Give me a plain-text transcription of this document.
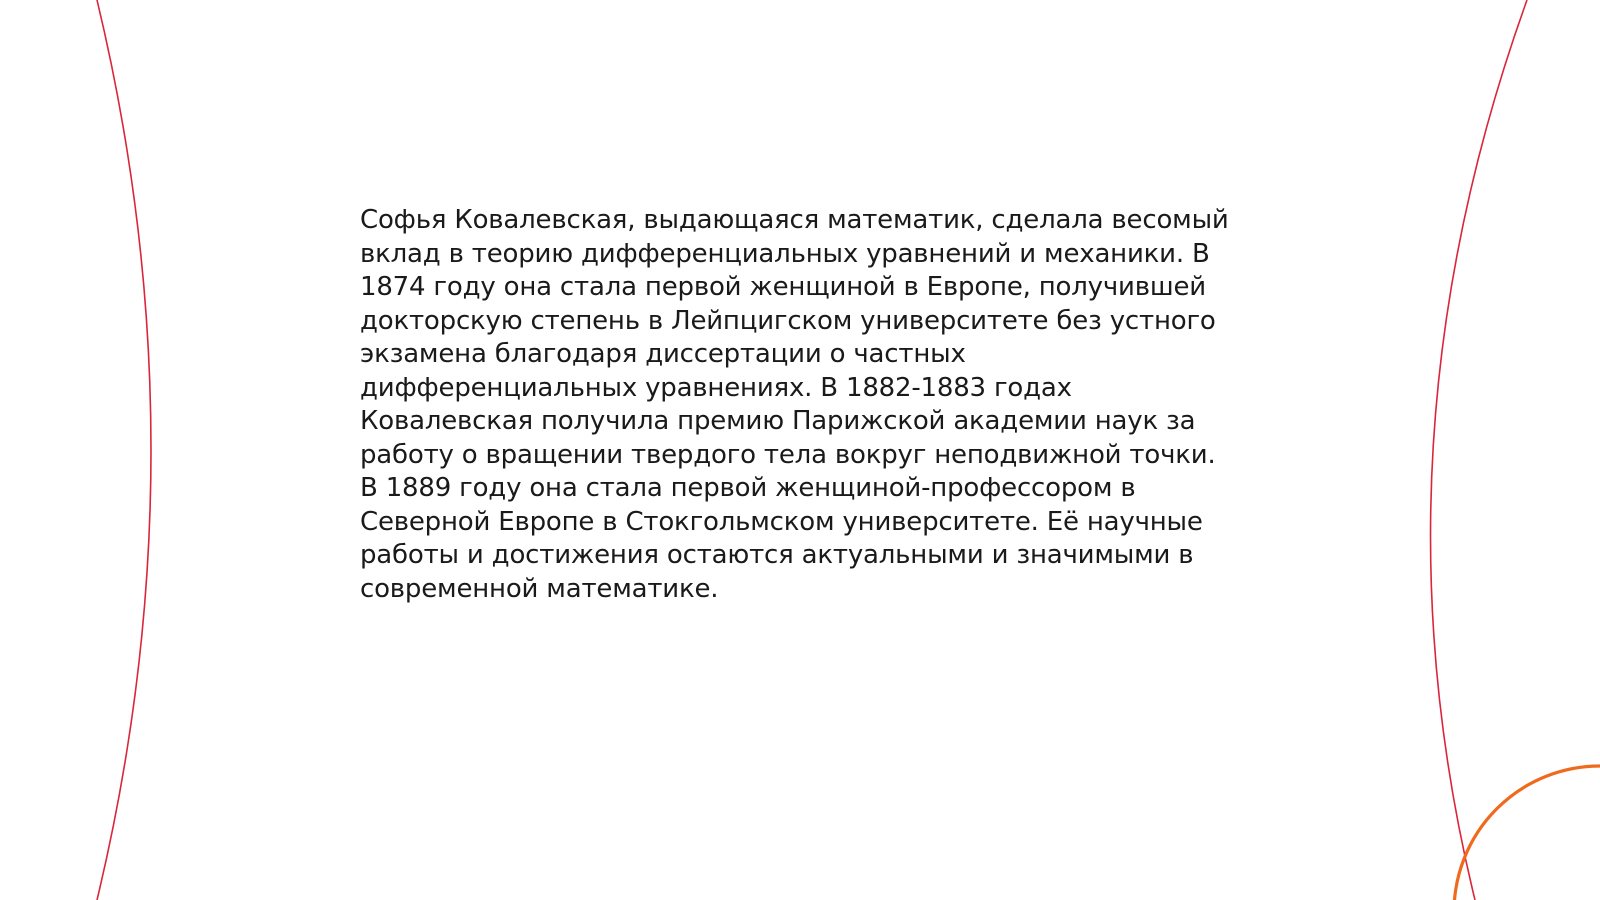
Софья Ковалевская, выдающаяся математик, сделала весомый
вклад в теорию дифференциальных уравнений и механики. В
1874 году она стала первой женщиной в Европе, получившей
докторскую степень в Лейпцигском университете без устного
экзамена благодаря диссертации о частных
дифференциальных уравнениях. В 1882-1883 годах
Ковалевская получила премию Парижской академии наук за
работу о вращении твердого тела вокруг неподвижной точки.
В 1889 году она стала первой женщиной-профессором в
Северной Европе в Стокгольмском университете. Её научные
работы и достижения остаются актуальными и значимыми в
современной математике.
